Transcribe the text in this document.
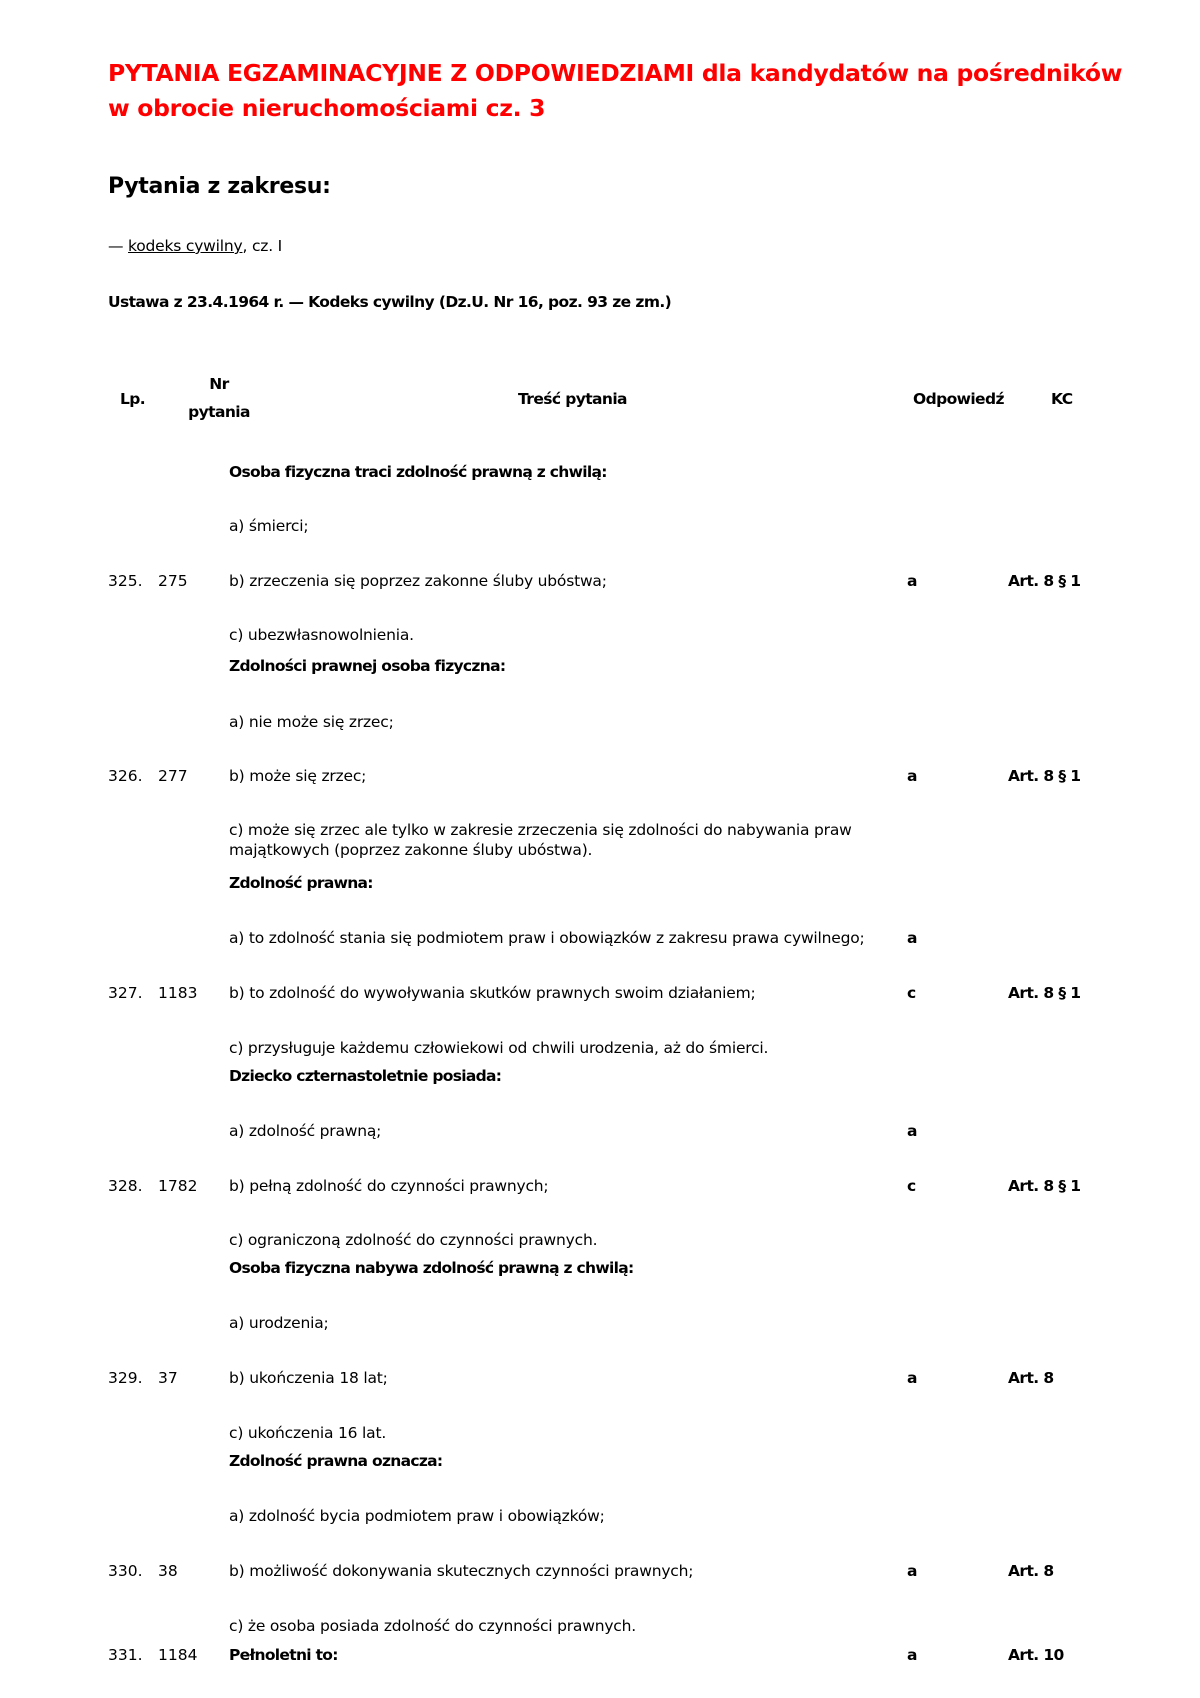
PYTANIA EGZAMINACYJNE Z ODPOWIEDZIAMI dla kandydatów na pośredników w obrocie nieruchomościami cz. 3
Pytania z zakresu:
— kodeks cywilny, cz. I
Ustawa z 23.4.1964 r. — Kodeks cywilny (Dz.U. Nr 16, poz. 93 ze zm.)
Lp.
Nr
pytania
Treść pytania	Odpowiedź	KC
325. 275
Osoba fizyczna traci zdolność prawną z chwilą:
a) śmierci;
b) zrzeczenia się poprzez zakonne śluby ubóstwa;
c) ubezwłasnowolnienia.
a	Art. 8 § 1
326. 277
Zdolności prawnej osoba fizyczna:
a) nie może się zrzec;
b) może się zrzec;
c) może się zrzec ale tylko w zakresie zrzeczenia się zdolności do nabywania praw majątkowych (poprzez zakonne śluby ubóstwa).
a	Art. 8 § 1
327. 1183
Zdolność prawna:
a) to zdolność stania się podmiotem praw i obowiązków z zakresu prawa cywilnego;
b) to zdolność do wywoływania skutków prawnych swoim działaniem;
c) przysługuje każdemu człowiekowi od chwili urodzenia, aż do śmierci.
a
c	Art. 8 § 1
328. 1782
Dziecko czternastoletnie posiada:
a) zdolność prawną;
b) pełną zdolność do czynności prawnych;
c) ograniczoną zdolność do czynności prawnych.
a
c	Art. 8 § 1
329. 37
Osoba fizyczna nabywa zdolność prawną z chwilą:
a) urodzenia;
b) ukończenia 18 lat;
c) ukończenia 16 lat.
a	Art. 8
330. 38
Zdolność prawna oznacza:
a) zdolność bycia podmiotem praw i obowiązków;
b) możliwość dokonywania skutecznych czynności prawnych;
c) że osoba posiada zdolność do czynności prawnych.
a	Art. 8
331. 1184 Pełnoletni to:	a	Art. 10
